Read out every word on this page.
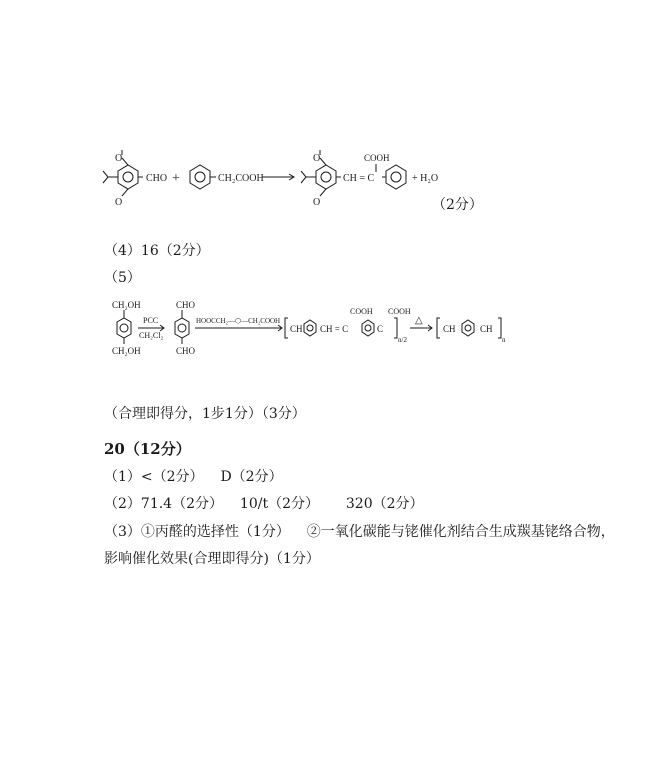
O
O
CHO +	CH₂COOH
O
O
CH = C
COOH
+ H₂O
（2分）
（4）16（2分）
（5）
CH₂OH
CH₂OH
PCC
CH₂Cl₂
CHO
CHO
HOOCCH₂—⬡—CH₂COOH
CH CH = C
COOH
C
COOH
n/2
△
CH	CH
n
（合理即得分，1步1分）（3分）
20（12分）
（1）<（2分） D（2分）
（2）71.4（2分） 10/t（2分） 320（2分）
（3）①丙醛的选择性（1分） ②一氧化碳能与铑催化剂结合生成羰基铑络合物，
影响催化效果(合理即得分)（1分）
